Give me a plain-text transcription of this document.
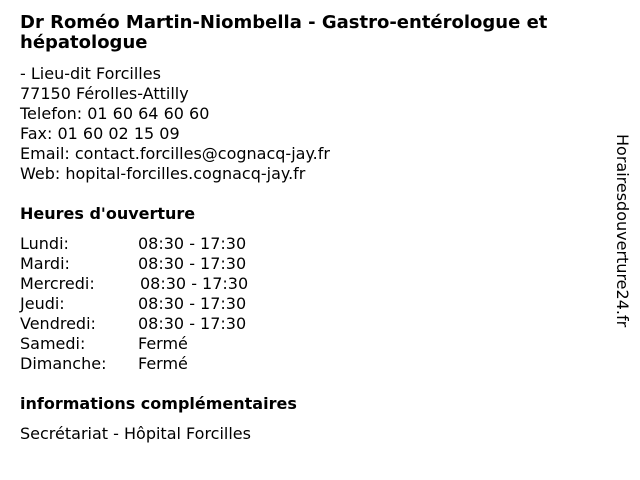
Dr Roméo Martin-Niombella - Gastro-entérologue et hépatologue
- Lieu-dit Forcilles
77150 Férolles-Attilly
Telefon: 01 60 64 60 60
Fax: 01 60 02 15 09
Email: contact.forcilles@cognacq-jay.fr
Web: hopital-forcilles.cognacq-jay.fr
Heures d'ouverture
Lundi:	08:30 - 17:30
Mardi:	08:30 - 17:30
Mercredi:	08:30 - 17:30
Jeudi:	08:30 - 17:30
Vendredi:	08:30 - 17:30
Samedi:	Fermé
Dimanche: Fermé
informations complémentaires
Secrétariat - Hôpital Forcilles
Horairesdouverture24.fr
